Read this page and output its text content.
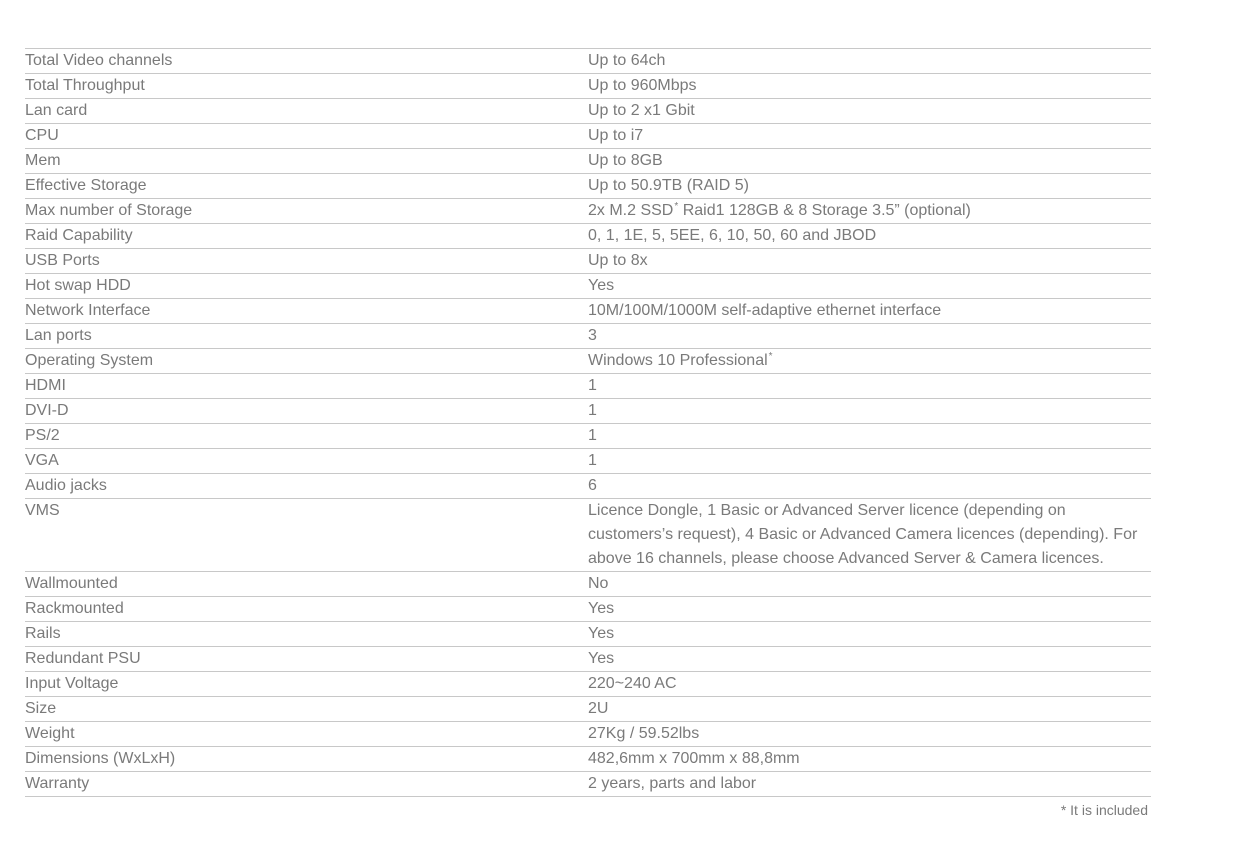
Total Video channels	Up to 64ch
Total Throughput	Up to 960Mbps
Lan card	Up to 2 x1 Gbit
CPU	Up to i7
Mem	Up to 8GB
Effective Storage	Up to 50.9TB (RAID 5)
Max number of Storage	2x M.2 SSD* Raid1 128GB & 8 Storage 3.5” (optional)
Raid Capability	0, 1, 1E, 5, 5EE, 6, 10, 50, 60 and JBOD
USB Ports	Up to 8x
Hot swap HDD	Yes
Network Interface	10M/100M/1000M self-adaptive ethernet interface
Lan ports	3
Operating System	Windows 10 Professional*
HDMI	1
DVI-D	1
PS/2	1
VGA	1
Audio jacks	6
VMS	Licence Dongle, 1 Basic or Advanced Server licence (depending on customers’s request), 4 Basic or Advanced Camera licences (depending). For above 16 channels, please choose Advanced Server & Camera licences.
Wallmounted	No
Rackmounted	Yes
Rails	Yes
Redundant PSU	Yes
Input Voltage	220~240 AC
Size	2U
Weight	27Kg / 59.52lbs
Dimensions (WxLxH)	482,6mm x 700mm x 88,8mm
Warranty	2 years, parts and labor
* It is included
